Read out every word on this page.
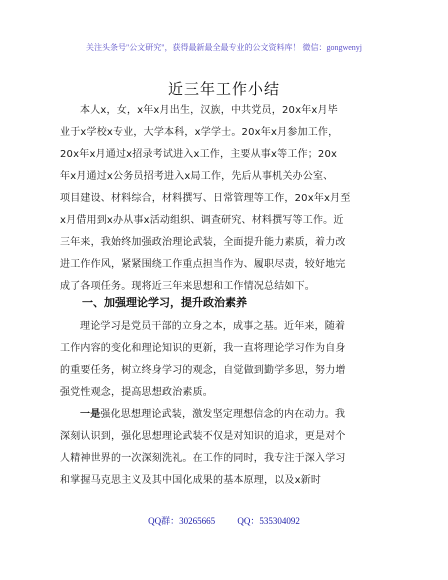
关注头条号"公文研究"，获得最新最全最专业的公文资料库！ 微信：gongwenyj
近三年工作小结
本人x，女，x年x月出生，汉族，中共党员，20x年x月毕
业于x学校x专业，大学本科，x学学士。20x年x月参加工作，
20x年x月通过x招录考试进入x工作，主要从事x等工作；20x
年x月通过x公务员招考进入x局工作，先后从事机关办公室、
项目建设、材料综合，材料撰写、日常管理等工作，20x年x月至
x月借用到x办从事x活动组织、调查研究、材料撰写等工作。近
三年来，我始终加强政治理论武装，全面提升能力素质，着力改
进工作作风，紧紧围绕工作重点担当作为、履职尽责，较好地完
成了各项任务。现将近三年来思想和工作情况总结如下。
一、加强理论学习，提升政治素养
理论学习是党员干部的立身之本，成事之基。近年来，随着
工作内容的变化和理论知识的更新，我一直将理论学习作为自身
的重要任务，树立终身学习的观念，自觉做到勤学多思，努力增
强党性观念，提高思想政治素质。
一是强化思想理论武装，激发坚定理想信念的内在动力。我
深刻认识到，强化思想理论武装不仅是对知识的追求，更是对个
人精神世界的一次深刻洗礼。在工作的同时，我专注于深入学习
和掌握马克思主义及其中国化成果的基本原理，以及x新时
QQ群：30265665 QQ：535304092
